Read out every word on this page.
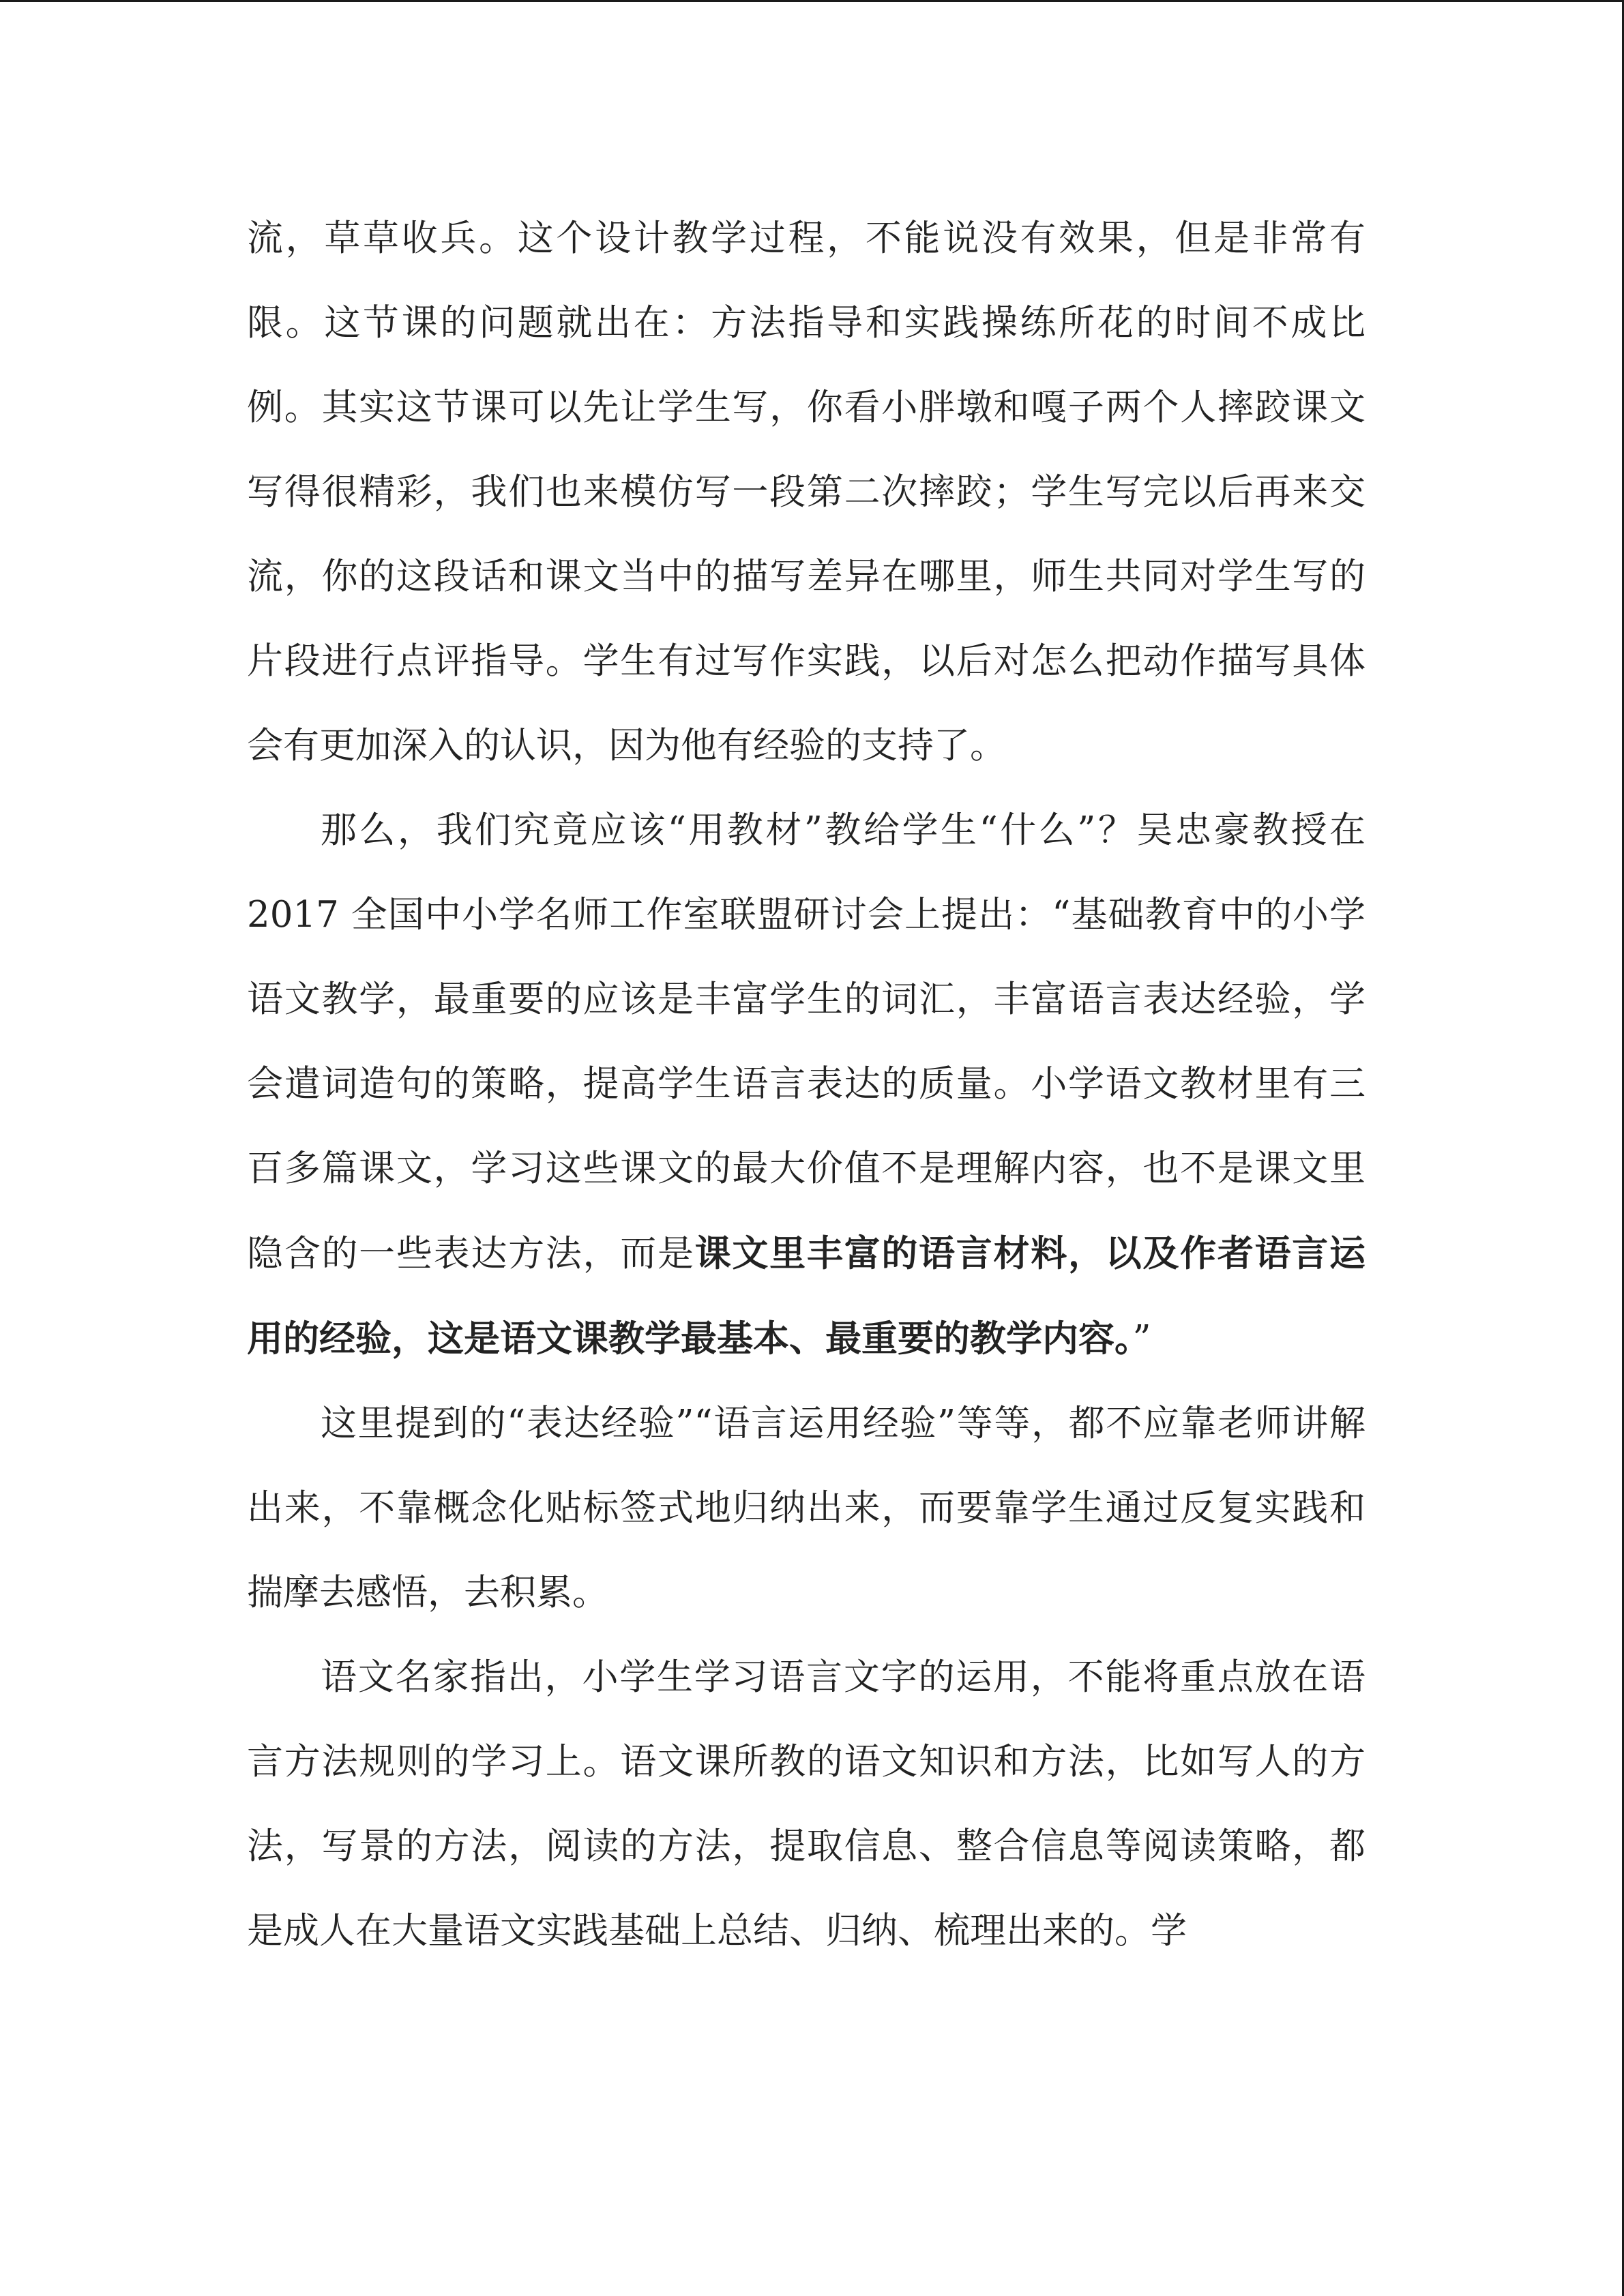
流，草草收兵。这个设计教学过程，不能说没有效果，但是非常有限。这节课的问题就出在：方法指导和实践操练所花的时间不成比例。其实这节课可以先让学生写，你看小胖墩和嘎子两个人摔跤课文写得很精彩，我们也来模仿写一段第二次摔跤；学生写完以后再来交流，你的这段话和课文当中的描写差异在哪里，师生共同对学生写的片段进行点评指导。学生有过写作实践，以后对怎么把动作描写具体会有更加深入的认识，因为他有经验的支持了。

那么，我们究竟应该“用教材”教给学生“什么”？吴忠豪教授在 2017 全国中小学名师工作室联盟研讨会上提出：“基础教育中的小学语文教学，最重要的应该是丰富学生的词汇，丰富语言表达经验，学会遣词造句的策略，提高学生语言表达的质量。小学语文教材里有三百多篇课文，学习这些课文的最大价值不是理解内容，也不是课文里隐含的一些表达方法，而是课文里丰富的语言材料，以及作者语言运用的经验，这是语文课教学最基本、最重要的教学内容。”

这里提到的“表达经验”“语言运用经验”等等，都不应靠老师讲解出来，不靠概念化贴标签式地归纳出来，而要靠学生通过反复实践和揣摩去感悟，去积累。

语文名家指出，小学生学习语言文字的运用，不能将重点放在语言方法规则的学习上。语文课所教的语文知识和方法，比如写人的方法，写景的方法，阅读的方法，提取信息、整合信息等阅读策略，都是成人在大量语文实践基础上总结、归纳、梳理出来的。学
